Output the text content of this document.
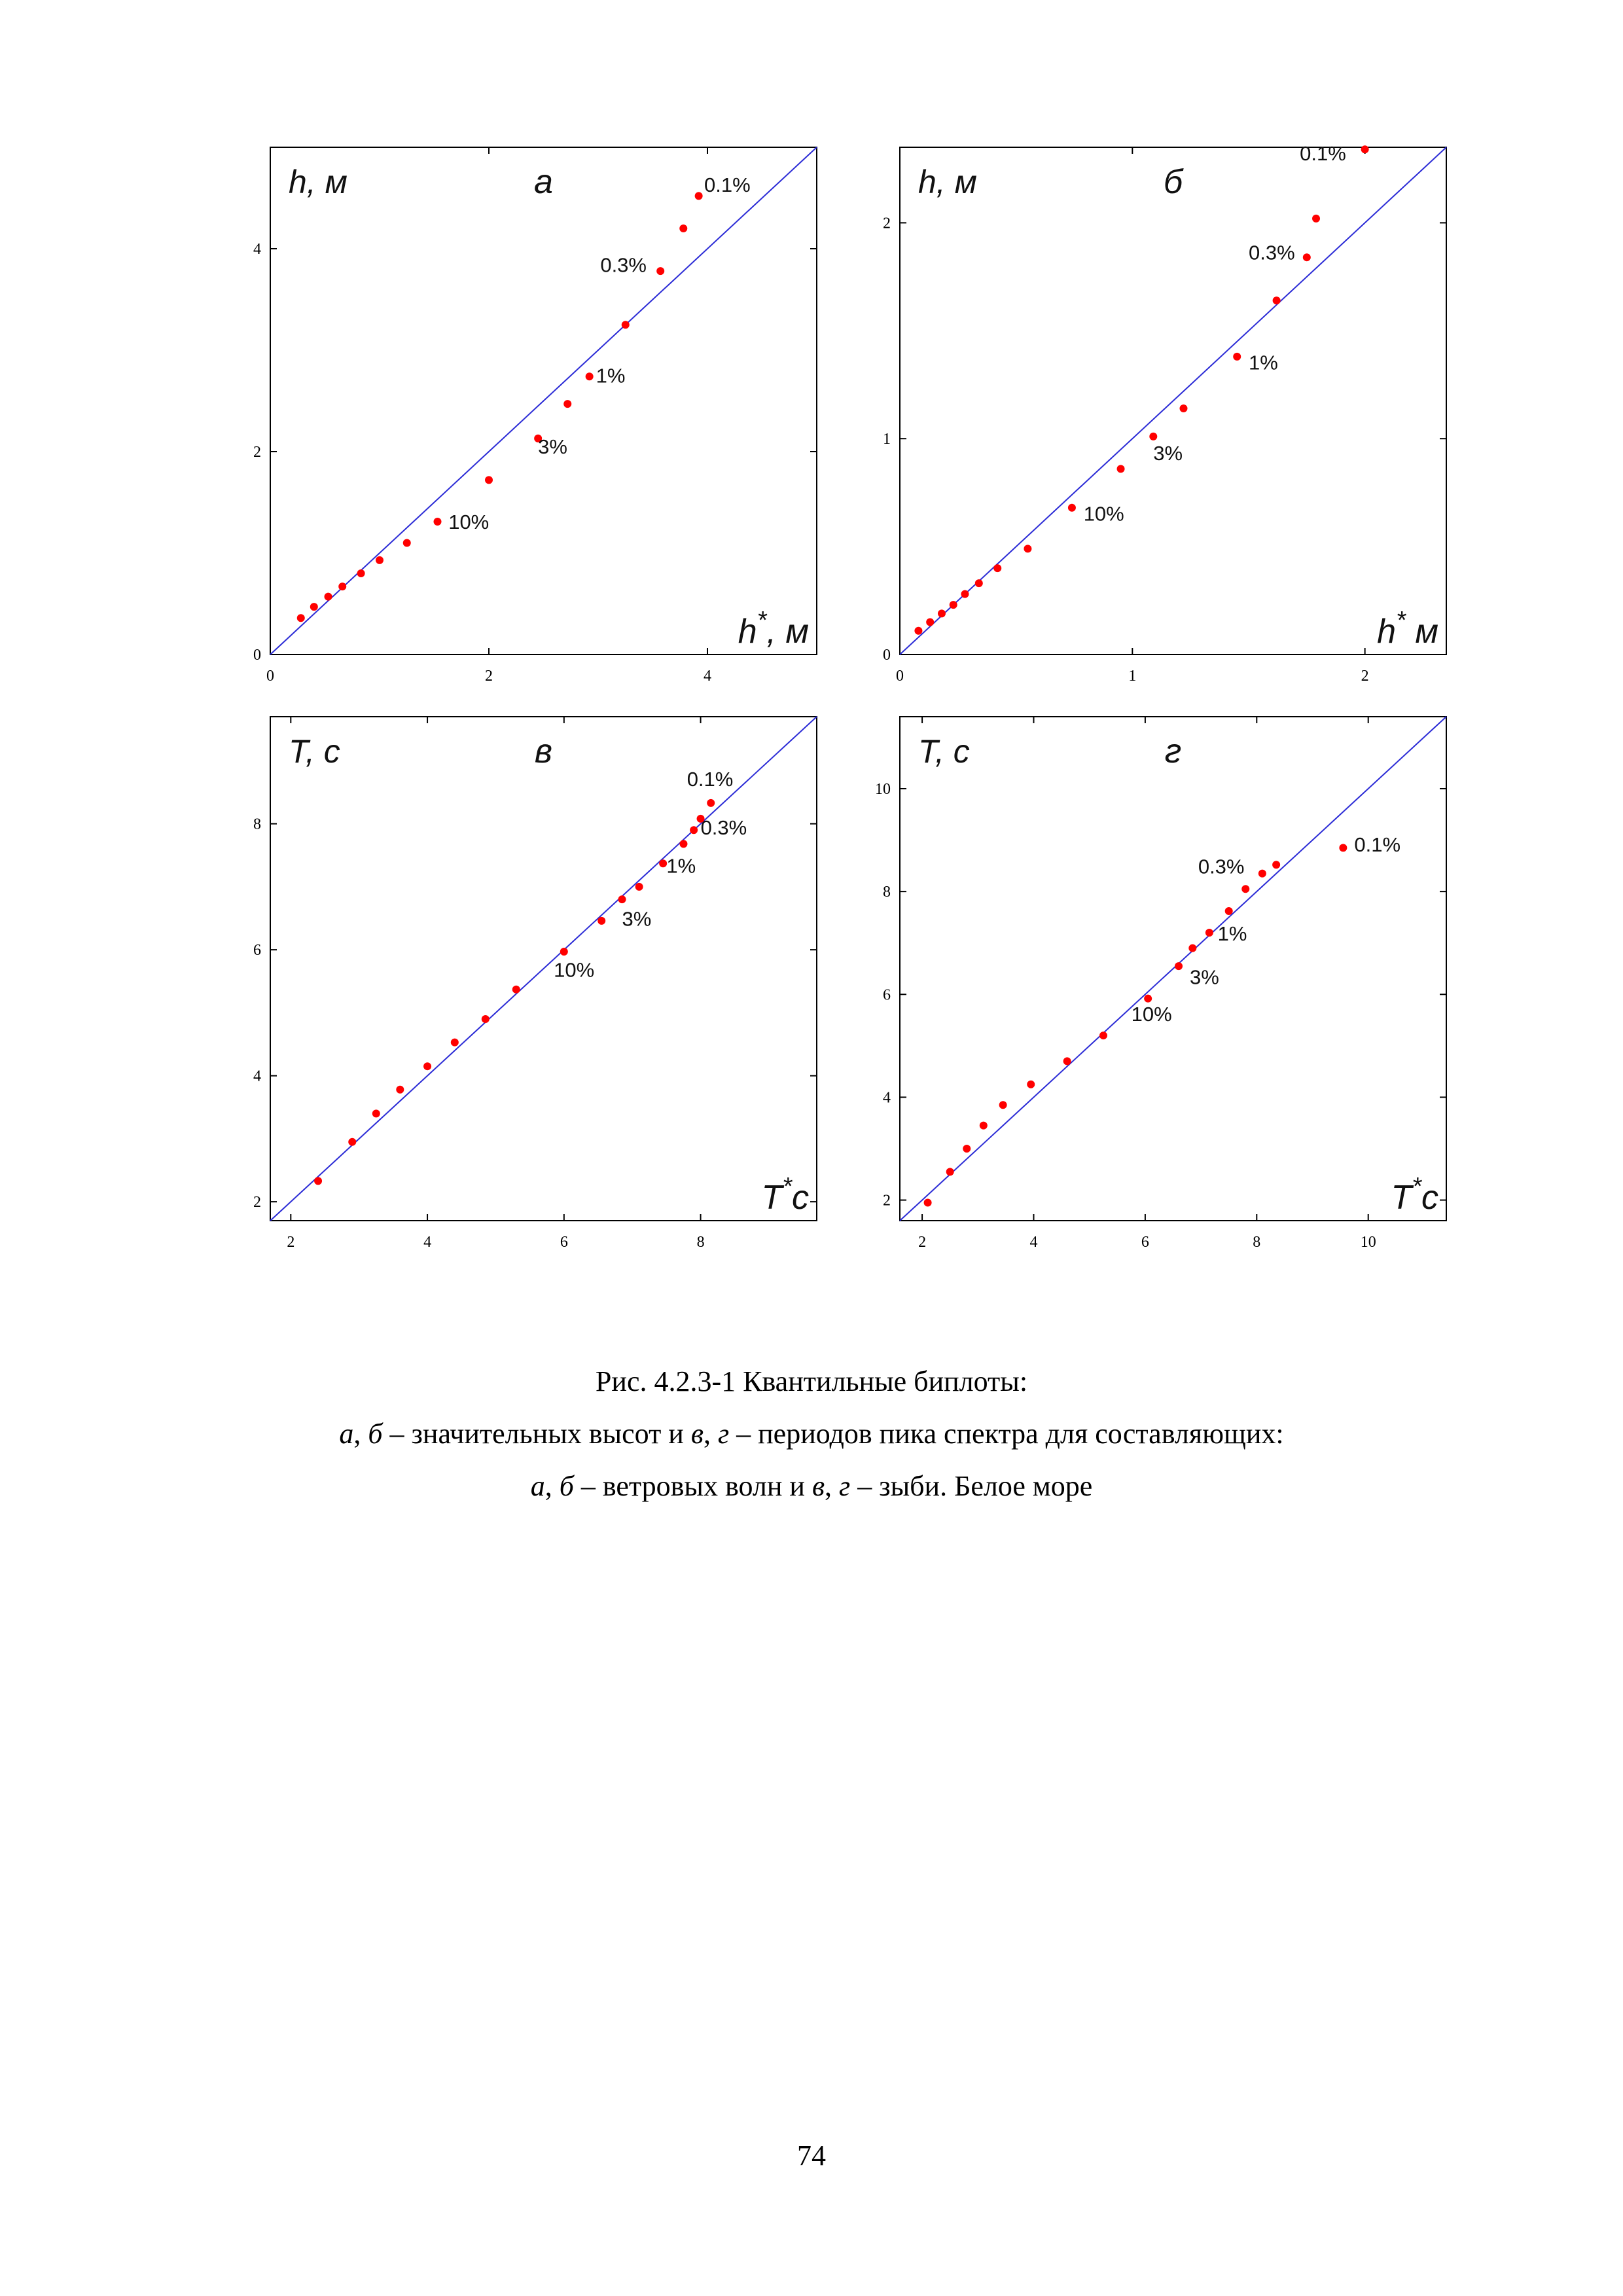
0	2	4
0
2
4
10%
3%
1%
0.3%
0.1%
h, м	а
h*, м
0	1	2
0
1
2
10%
3%
1%
0.3%
0.1%
h, м	б
h* м
2	4	6	8
2
4
6
8
10%
3%
1%
0.3%
0.1%
T, c	в
T*c
2	4	6	8	10
2
4
6
8
10
10%
3%
1%
0.3%
0.1%
T, c	г
T*c
Рис. 4.2.3-1 Квантильные биплоты:
а, б – значительных высот и в, г – периодов пика спектра для составляющих:
а, б – ветровых волн и в, г – зыби. Белое море
74
